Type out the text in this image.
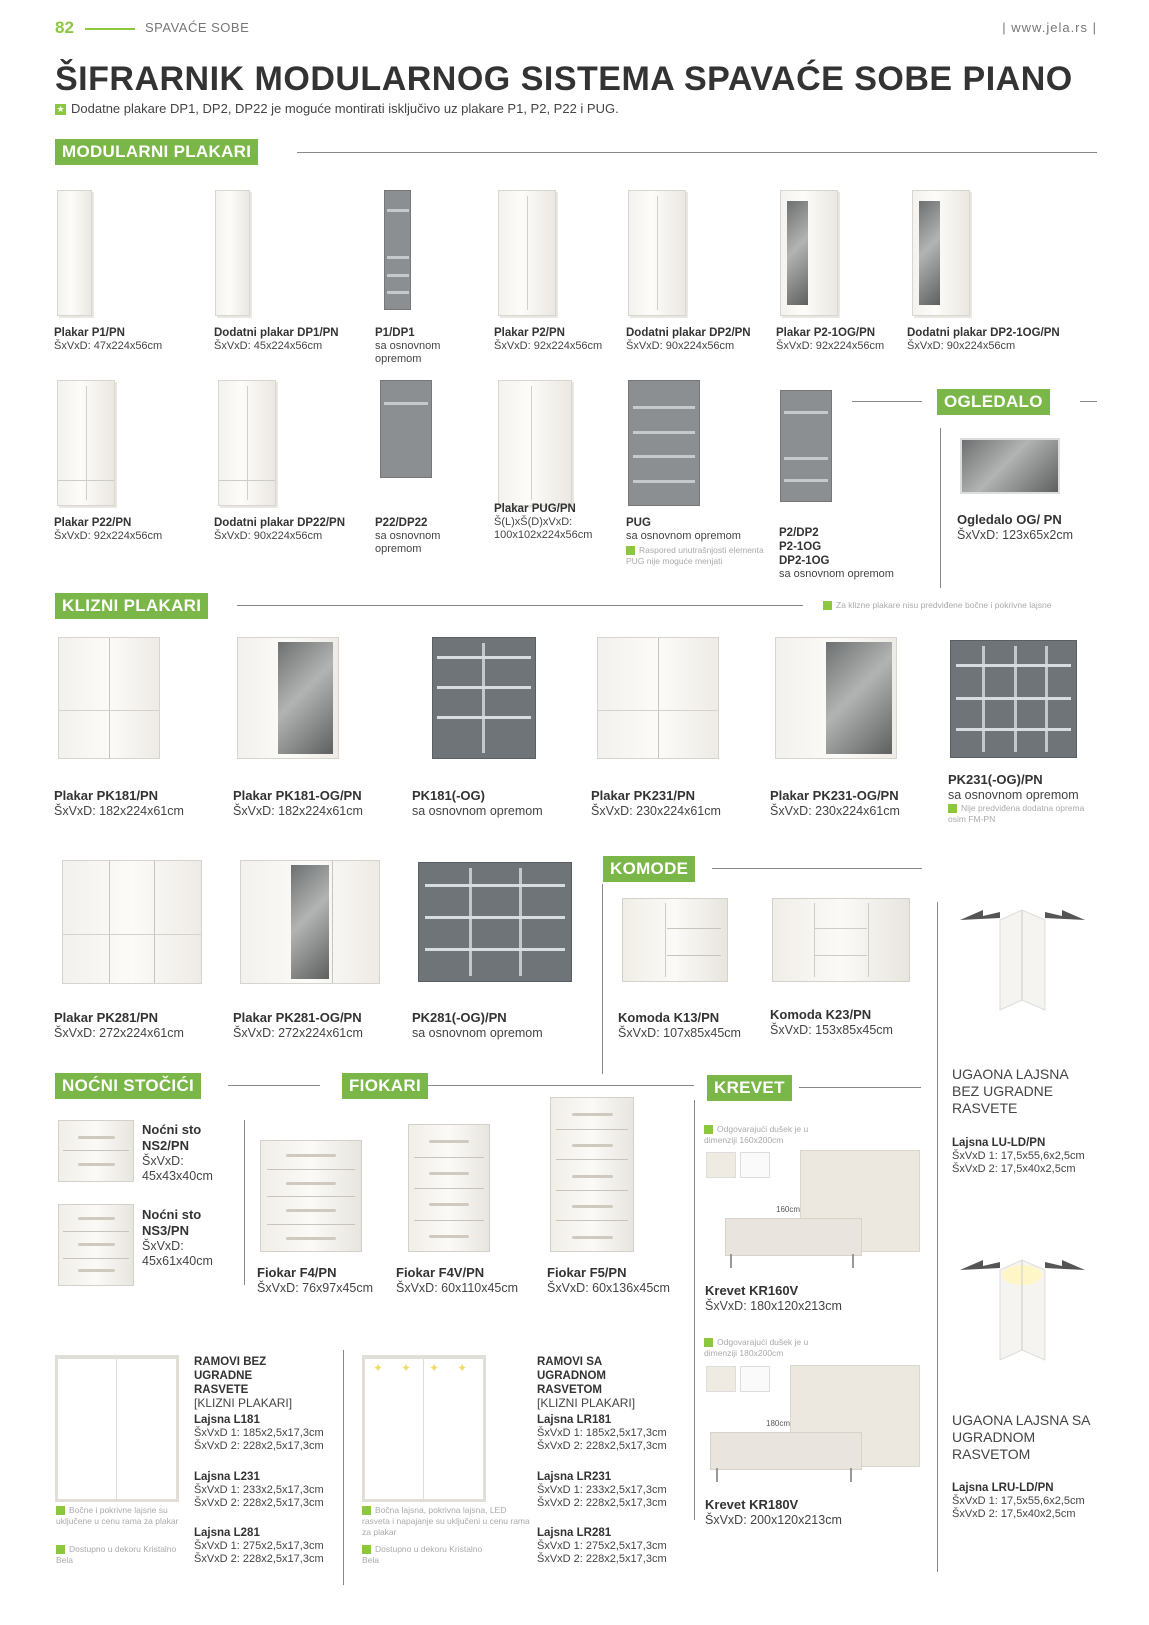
82	SPAVAĆE SOBE	| www.jela.rs |
ŠIFRARNIK MODULARNOG SISTEMA SPAVAĆE SOBE PIANO
★ Dodatne plakare DP1, DP2, DP22 je moguće montirati isključivo uz plakare P1, P2, P22 i PUG.
MODULARNI PLAKARI
Plakar P1/PN
ŠxVxD: 47x224x56cm
Dodatni plakar DP1/PN
ŠxVxD: 45x224x56cm
P1/DP1
sa osnovnom
opremom
Plakar P2/PN
ŠxVxD: 92x224x56cm
Dodatni plakar DP2/PN
ŠxVxD: 90x224x56cm
Plakar P2-1OG/PN
ŠxVxD: 92x224x56cm
Dodatni plakar DP2-1OG/PN
ŠxVxD: 90x224x56cm
Plakar P22/PN
ŠxVxD: 92x224x56cm
Dodatni plakar DP22/PN
ŠxVxD: 90x224x56cm
P22/DP22
sa osnovnom
opremom
Plakar PUG/PN
Š(L)xŠ(D)xVxD:
100x102x224x56cm
PUG
sa osnovnom opremom
Raspored unutrašnjosti elementa PUG nije moguće menjati
P2/DP2
P2-1OG
DP2-1OG
sa osnovnom opremom
OGLEDALO
Ogledalo OG/ PN
ŠxVxD: 123x65x2cm
KLIZNI PLAKARI	Za klizne plakare nisu predviđene bočne i pokrivne lajsne
Plakar PK181/PN
ŠxVxD: 182x224x61cm
Plakar PK181-OG/PN
ŠxVxD: 182x224x61cm
PK181(-OG)
sa osnovnom opremom
Plakar PK231/PN
ŠxVxD: 230x224x61cm
Plakar PK231-OG/PN
ŠxVxD: 230x224x61cm
PK231(-OG)/PN
sa osnovnom opremom
Nije predviđena dodatna oprema osim FM-PN
Plakar PK281/PN
ŠxVxD: 272x224x61cm
Plakar PK281-OG/PN
ŠxVxD: 272x224x61cm
PK281(-OG)/PN
sa osnovnom opremom
KOMODE
Komoda K13/PN
ŠxVxD: 107x85x45cm
Komoda K23/PN
ŠxVxD: 153x85x45cm
UGAONA LAJSNA
BEZ UGRADNE
RASVETE
Lajsna LU-LD/PN
ŠxVxD 1: 17,5x55,6x2,5cm
ŠxVxD 2: 17,5x40x2,5cm
UGAONA LAJSNA SA
UGRADNOM
RASVETOM
Lajsna LRU-LD/PN
ŠxVxD 1: 17,5x55,6x2,5cm
ŠxVxD 2: 17,5x40x2,5cm
NOĆNI STOČIĆI
Noćni sto
NS2/PN
ŠxVxD:
45x43x40cm
Noćni sto
NS3/PN
ŠxVxD:
45x61x40cm
FIOKARI
Fiokar F4/PN
ŠxVxD: 76x97x45cm
Fiokar F4V/PN
ŠxVxD: 60x110x45cm
Fiokar F5/PN
ŠxVxD: 60x136x45cm
KREVET
Odgovarajući dušek je u dimenziji 160x200cm
160cm
Krevet KR160V
ŠxVxD: 180x120x213cm
Odgovarajući dušek je u dimenziji 180x200cm
180cm
Krevet KR180V
ŠxVxD: 200x120x213cm
RAMOVI BEZ
UGRADNE
RASVETE
[KLIZNI PLAKARI]
Lajsna L181
ŠxVxD 1: 185x2,5x17,3cm
ŠxVxD 2: 228x2,5x17,3cm
Lajsna L231
ŠxVxD 1: 233x2,5x17,3cm
ŠxVxD 2: 228x2,5x17,3cm
Lajsna L281
ŠxVxD 1: 275x2,5x17,3cm
ŠxVxD 2: 228x2,5x17,3cm
Bočne i pokrivne lajsne su uključene u cenu rama za plakar
Dostupno u dekoru Kristalno Bela
✦✦✦✦	RAMOVI SA
UGRADNOM
RASVETOM
[KLIZNI PLAKARI]
Lajsna LR181
ŠxVxD 1: 185x2,5x17,3cm
ŠxVxD 2: 228x2,5x17,3cm
Lajsna LR231
ŠxVxD 1: 233x2,5x17,3cm
ŠxVxD 2: 228x2,5x17,3cm
Lajsna LR281
ŠxVxD 1: 275x2,5x17,3cm
ŠxVxD 2: 228x2,5x17,3cm
Bočna lajsna, pokrivna lajsna, LED rasveta i napajanje su uključeni u cenu rama za plakar
Dostupno u dekoru Kristalno Bela
